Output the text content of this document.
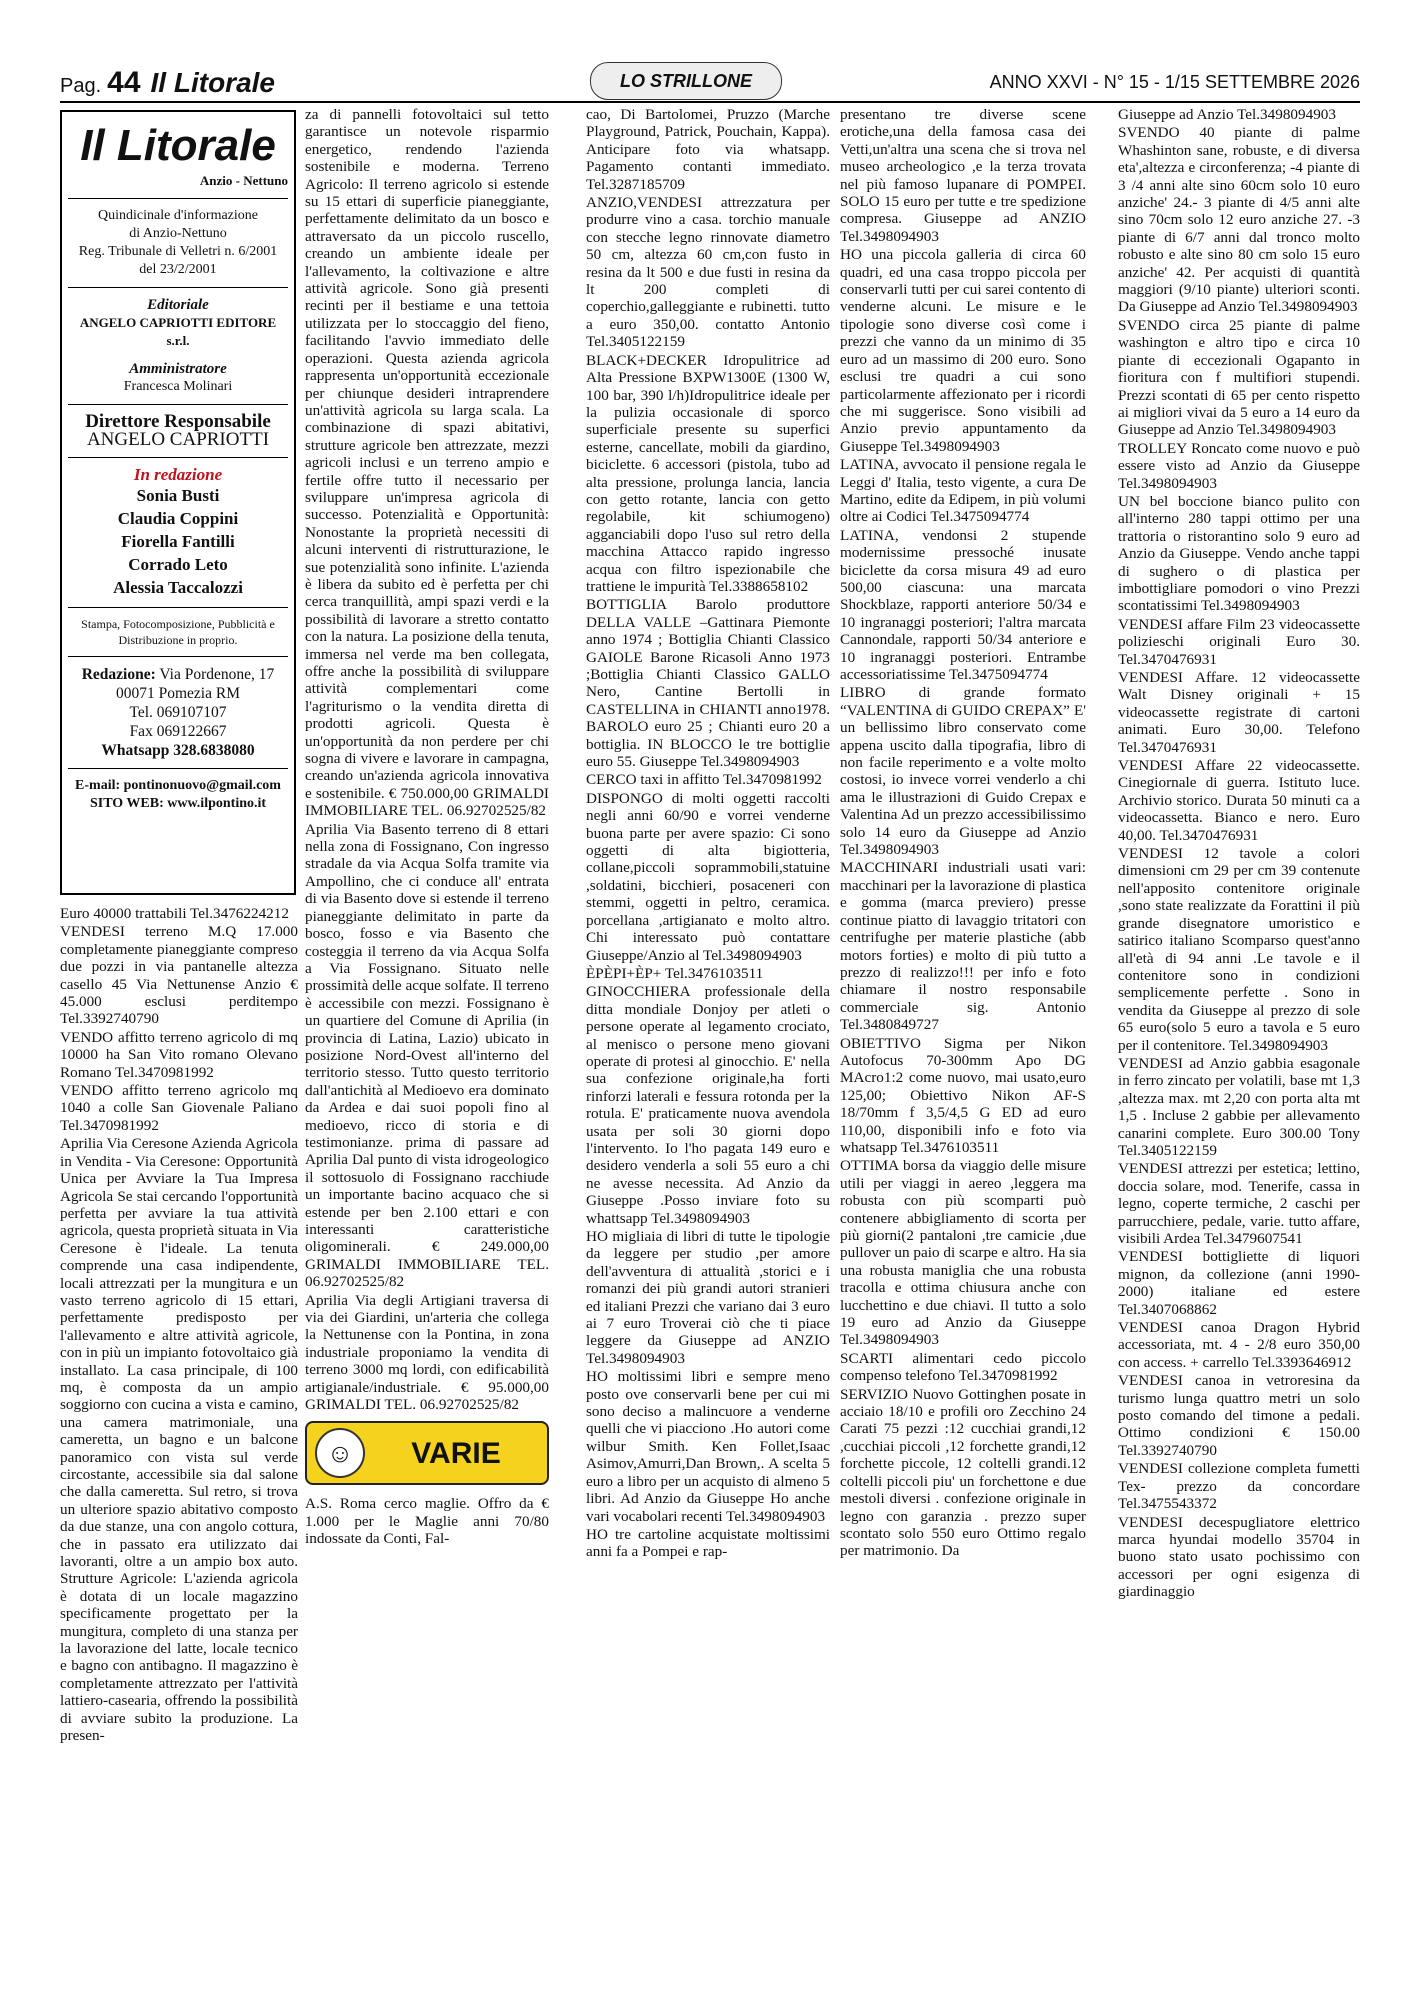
Pag. 44 Il Litorale	LO STRILLONE	ANNO XXVI - N° 15 - 1/15 SETTEMBRE 2026
Il Litorale
Anzio - Nettuno
Quindicinale d'informazione
di Anzio-Nettuno
Reg. Tribunale di Velletri n. 6/2001
del 23/2/2001
Editoriale
ANGELO CAPRIOTTI EDITORE s.r.l.
Amministratore
Francesca Molinari
Direttore Responsabile
ANGELO CAPRIOTTI
In redazione
Sonia Busti
Claudia Coppini
Fiorella Fantilli
Corrado Leto
Alessia Taccalozzi
Stampa, Fotocomposizione, Pubblicità e Distribuzione in proprio.
Redazione: Via Pordenone, 17
00071 Pomezia RM
Tel. 069107107
Fax 069122667
Whatsapp 328.6838080
E-mail: pontinonuovo@gmail.com
SITO WEB: www.ilpontino.it

Euro 40000 trattabili Tel.3476224212

VENDESI terreno M.Q 17.000 completamente pianeggiante compreso due pozzi in via pantanelle altezza casello 45 Via Nettunense Anzio € 45.000 esclusi perditempo Tel.3392740790

VENDO affitto terreno agricolo di mq 10000 ha San Vito romano Olevano Romano Tel.3470981992

VENDO affitto terreno agricolo mq 1040 a colle San Giovenale Paliano Tel.3470981992

Aprilia Via Ceresone Azienda Agricola in Vendita - Via Ceresone: Opportunità Unica per Avviare la Tua Impresa Agricola Se stai cercando l'opportunità perfetta per avviare la tua attività agricola, questa proprietà situata in Via Ceresone è l'ideale. La tenuta comprende una casa indipendente, locali attrezzati per la mungitura e un vasto terreno agricolo di 15 ettari, perfettamente predisposto per l'allevamento e altre attività agricole, con in più un impianto fotovoltaico già installato. La casa principale, di 100 mq, è composta da un ampio soggiorno con cucina a vista e camino, una camera matrimoniale, una cameretta, un bagno e un balcone panoramico con vista sul verde circostante, accessibile sia dal salone che dalla cameretta. Sul retro, si trova un ulteriore spazio abitativo composto da due stanze, una con angolo cottura, che in passato era utilizzato dai lavoranti, oltre a un ampio box auto. Strutture Agricole: L'azienda agricola è dotata di un locale magazzino specificamente progettato per la mungitura, completo di una stanza per la lavorazione del latte, locale tecnico e bagno con antibagno. Il magazzino è completamente attrezzato per l'attività lattiero-casearia, offrendo la possibilità di avviare subito la produzione. La presen-

za di pannelli fotovoltaici sul tetto garantisce un notevole risparmio energetico, rendendo l'azienda sostenibile e moderna. Terreno Agricolo: Il terreno agricolo si estende su 15 ettari di superficie pianeggiante, perfettamente delimitato da un bosco e attraversato da un piccolo ruscello, creando un ambiente ideale per l'allevamento, la coltivazione e altre attività agricole. Sono già presenti recinti per il bestiame e una tettoia utilizzata per lo stoccaggio del fieno, facilitando l'avvio immediato delle operazioni. Questa azienda agricola rappresenta un'opportunità eccezionale per chiunque desideri intraprendere un'attività agricola su larga scala. La combinazione di spazi abitativi, strutture agricole ben attrezzate, mezzi agricoli inclusi e un terreno ampio e fertile offre tutto il necessario per sviluppare un'impresa agricola di successo. Potenzialità e Opportunità: Nonostante la proprietà necessiti di alcuni interventi di ristrutturazione, le sue potenzialità sono infinite. L'azienda è libera da subito ed è perfetta per chi cerca tranquillità, ampi spazi verdi e la possibilità di lavorare a stretto contatto con la natura. La posizione della tenuta, immersa nel verde ma ben collegata, offre anche la possibilità di sviluppare attività complementari come l'agriturismo o la vendita diretta di prodotti agricoli. Questa è un'opportunità da non perdere per chi sogna di vivere e lavorare in campagna, creando un'azienda agricola innovativa e sostenibile. € 750.000,00 GRIMALDI IMMOBILIARE TEL. 06.92702525/82

Aprilia Via Basento terreno di 8 ettari nella zona di Fossignano, Con ingresso stradale da via Acqua Solfa tramite via Ampollino, che ci conduce all' entrata di via Basento dove si estende il terreno pianeggiante delimitato in parte da bosco, fosso e via Basento che costeggia il terreno da via Acqua Solfa a Via Fossignano. Situato nelle prossimità delle acque solfate. Il terreno è accessibile con mezzi. Fossignano è un quartiere del Comune di Aprilia (in provincia di Latina, Lazio) ubicato in posizione Nord-Ovest all'interno del territorio stesso. Tutto questo territorio dall'antichità al Medioevo era dominato da Ardea e dai suoi popoli fino al medioevo, ricco di storia e di testimonianze. prima di passare ad Aprilia Dal punto di vista idrogeologico il sottosuolo di Fossignano racchiude un importante bacino acquaco che si estende per ben 2.100 ettari e con interessanti caratteristiche oligominerali. € 249.000,00 GRIMALDI IMMOBILIARE TEL. 06.92702525/82

Aprilia Via degli Artigiani traversa di via dei Giardini, un'arteria che collega la Nettunense con la Pontina, in zona industriale proponiamo la vendita di terreno 3000 mq lordi, con edificabilità artigianale/industriale. € 95.000,00 GRIMALDI TEL. 06.92702525/82

☺	VARIE

A.S. Roma cerco maglie. Offro da € 1.000 per le Maglie anni 70/80 indossate da Conti, Fal-

cao, Di Bartolomei, Pruzzo (Marche Playground, Patrick, Pouchain, Kappa). Anticipare foto via whatsapp. Pagamento contanti immediato. Tel.3287185709

ANZIO,VENDESI attrezzatura per produrre vino a casa. torchio manuale con stecche legno rinnovate diametro 50 cm, altezza 60 cm,con fusto in resina da lt 500 e due fusti in resina da lt 200 completi di coperchio,galleggiante e rubinetti. tutto a euro 350,00. contatto Antonio Tel.3405122159

BLACK+DECKER Idropulitrice ad Alta Pressione BXPW1300E (1300 W, 100 bar, 390 l/h)Idropulitrice ideale per la pulizia occasionale di sporco superficiale presente su superfici esterne, cancellate, mobili da giardino, biciclette. 6 accessori (pistola, tubo ad alta pressione, prolunga lancia, lancia con getto rotante, lancia con getto regolabile, kit schiumogeno) agganciabili dopo l'uso sul retro della macchina Attacco rapido ingresso acqua con filtro ispezionabile che trattiene le impurità Tel.3388658102

BOTTIGLIA Barolo produttore DELLA VALLE –Gattinara Piemonte anno 1974 ; Bottiglia Chianti Classico GAIOLE Barone Ricasoli Anno 1973 ;Bottiglia Chianti Classico GALLO Nero, Cantine Bertolli in CASTELLINA in CHIANTI anno1978. BAROLO euro 25 ; Chianti euro 20 a bottiglia. IN BLOCCO le tre bottiglie euro 55. Giuseppe Tel.3498094903

CERCO taxi in affitto Tel.3470981992

DISPONGO di molti oggetti raccolti negli anni 60/90 e vorrei venderne buona parte per avere spazio: Ci sono oggetti di alta bigiotteria, collane,piccoli soprammobili,statuine ,soldatini, bicchieri, posaceneri con stemmi, oggetti in peltro, ceramica. porcellana ,artigianato e molto altro. Chi interessato può contattare Giuseppe/Anzio al Tel.3498094903

ÈPÈPI+ÈP+ Tel.3476103511

GINOCCHIERA professionale della ditta mondiale Donjoy per atleti o persone operate al legamento crociato, al menisco o persone meno giovani operate di protesi al ginocchio. E' nella sua confezione originale,ha forti rinforzi laterali e fessura rotonda per la rotula. E' praticamente nuova avendola usata per soli 30 giorni dopo l'intervento. Io l'ho pagata 149 euro e desidero venderla a soli 55 euro a chi ne avesse necessita. Ad Anzio da Giuseppe .Posso inviare foto su whattsapp Tel.3498094903

HO migliaia di libri di tutte le tipologie da leggere per studio ,per amore dell'avventura di attualità ,storici e i romanzi dei più grandi autori stranieri ed italiani Prezzi che variano dai 3 euro ai 7 euro Troverai ciò che ti piace leggere da Giuseppe ad ANZIO Tel.3498094903

HO moltissimi libri e sempre meno posto ove conservarli bene per cui mi sono deciso a malincuore a venderne quelli che vi piacciono .Ho autori come wilbur Smith. Ken Follet,Isaac Asimov,Amurri,Dan Brown,. A scelta 5 euro a libro per un acquisto di almeno 5 libri. Ad Anzio da Giuseppe Ho anche vari vocabolari recenti Tel.3498094903

HO tre cartoline acquistate moltissimi anni fa a Pompei e rap-

presentano tre diverse scene erotiche,una della famosa casa dei Vetti,un'altra una scena che si trova nel museo archeologico ,e la terza trovata nel più famoso lupanare di POMPEI. SOLO 15 euro per tutte e tre spedizione compresa. Giuseppe ad ANZIO Tel.3498094903

HO una piccola galleria di circa 60 quadri, ed una casa troppo piccola per conservarli tutti per cui sarei contento di venderne alcuni. Le misure e le tipologie sono diverse così come i prezzi che vanno da un minimo di 35 euro ad un massimo di 200 euro. Sono esclusi tre quadri a cui sono particolarmente affezionato per i ricordi che mi suggerisce. Sono visibili ad Anzio previo appuntamento da Giuseppe Tel.3498094903

LATINA, avvocato il pensione regala le Leggi d' Italia, testo vigente, a cura De Martino, edite da Edipem, in più volumi oltre ai Codici Tel.3475094774

LATINA, vendonsi 2 stupende modernissime pressoché inusate biciclette da corsa misura 49 ad euro 500,00 ciascuna: una marcata Shockblaze, rapporti anteriore 50/34 e 10 ingranaggi posteriori; l'altra marcata Cannondale, rapporti 50/34 anteriore e 10 ingranaggi posteriori. Entrambe accessoriatissime Tel.3475094774

LIBRO di grande formato “VALENTINA di GUIDO CREPAX” E' un bellissimo libro conservato come appena uscito dalla tipografia, libro di non facile reperimento e a volte molto costosi, io invece vorrei venderlo a chi ama le illustrazioni di Guido Crepax e Valentina Ad un prezzo accessibilissimo solo 14 euro da Giuseppe ad Anzio Tel.3498094903

MACCHINARI industriali usati vari: macchinari per la lavorazione di plastica e gomma (marca previero) presse continue piatto di lavaggio tritatori con centrifughe per materie plastiche (abb motors forties) e molto di più tutto a prezzo di realizzo!!! per info e foto chiamare il nostro responsabile commerciale sig. Antonio Tel.3480849727

OBIETTIVO Sigma per Nikon Autofocus 70-300mm Apo DG MAcro1:2 come nuovo, mai usato,euro 125,00; Obiettivo Nikon AF-S 18/70mm f 3,5/4,5 G ED ad euro 110,00, disponibili info e foto via whatsapp Tel.3476103511

OTTIMA borsa da viaggio delle misure utili per viaggi in aereo ,leggera ma robusta con più scomparti può contenere abbigliamento di scorta per più giorni(2 pantaloni ,tre camicie ,due pullover un paio di scarpe e altro. Ha sia una robusta maniglia che una robusta tracolla e ottima chiusura anche con lucchettino e due chiavi. Il tutto a solo 19 euro ad Anzio da Giuseppe Tel.3498094903

SCARTI alimentari cedo piccolo compenso telefono Tel.3470981992

SERVIZIO Nuovo Gottinghen posate in acciaio 18/10 e profili oro Zecchino 24 Carati 75 pezzi :12 cucchiai grandi,12 ,cucchiai piccoli ,12 forchette grandi,12 forchette piccole, 12 coltelli grandi.12 coltelli piccoli piu' un forchettone e due mestoli diversi . confezione originale in legno con garanzia . prezzo super scontato solo 550 euro Ottimo regalo per matrimonio. Da

Giuseppe ad Anzio Tel.3498094903

SVENDO 40 piante di palme Whashinton sane, robuste, e di diversa eta',altezza e circonferenza; -4 piante di 3 /4 anni alte sino 60cm solo 10 euro anziche' 24.- 3 piante di 4/5 anni alte sino 70cm solo 12 euro anziche 27. -3 piante di 6/7 anni dal tronco molto robusto e alte sino 80 cm solo 15 euro anziche' 42. Per acquisti di quantità maggiori (9/10 piante) ulteriori sconti. Da Giuseppe ad Anzio Tel.3498094903

SVENDO circa 25 piante di palme washington e altro tipo e circa 10 piante di eccezionali Ogapanto in fioritura con f multifiori stupendi. Prezzi scontati di 65 per cento rispetto ai migliori vivai da 5 euro a 14 euro da Giuseppe ad Anzio Tel.3498094903

TROLLEY Roncato come nuovo e può essere visto ad Anzio da Giuseppe Tel.3498094903

UN bel boccione bianco pulito con all'interno 280 tappi ottimo per una trattoria o ristorantino solo 9 euro ad Anzio da Giuseppe. Vendo anche tappi di sughero o di plastica per imbottigliare pomodori o vino Prezzi scontatissimi Tel.3498094903

VENDESI affare Film 23 videocassette polizieschi originali Euro 30. Tel.3470476931

VENDESI Affare. 12 videocassette Walt Disney originali + 15 videocassette registrate di cartoni animati. Euro 30,00. Telefono Tel.3470476931

VENDESI Affare 22 videocassette. Cinegiornale di guerra. Istituto luce. Archivio storico. Durata 50 minuti ca a videocassetta. Bianco e nero. Euro 40,00. Tel.3470476931

VENDESI 12 tavole a colori dimensioni cm 29 per cm 39 contenute nell'apposito contenitore originale ,sono state realizzate da Forattini il più grande disegnatore umoristico e satirico italiano Scomparso quest'anno all'età di 94 anni .Le tavole e il contenitore sono in condizioni semplicemente perfette . Sono in vendita da Giuseppe al prezzo di sole 65 euro(solo 5 euro a tavola e 5 euro per il contenitore. Tel.3498094903

VENDESI ad Anzio gabbia esagonale in ferro zincato per volatili, base mt 1,3 ,altezza max. mt 2,20 con porta alta mt 1,5 . Incluse 2 gabbie per allevamento canarini complete. Euro 300.00 Tony Tel.3405122159

VENDESI attrezzi per estetica; lettino, doccia solare, mod. Tenerife, cassa in legno, coperte termiche, 2 caschi per parrucchiere, pedale, varie. tutto affare, visibili Ardea Tel.3479607541

VENDESI bottigliette di liquori mignon, da collezione (anni 1990-2000) italiane ed estere Tel.3407068862

VENDESI canoa Dragon Hybrid accessoriata, mt. 4 - 2/8 euro 350,00 con access. + carrello Tel.3393646912

VENDESI canoa in vetroresina da turismo lunga quattro metri un solo posto comando del timone a pedali. Ottimo condizioni € 150.00 Tel.3392740790

VENDESI collezione completa fumetti Tex- prezzo da concordare Tel.3475543372

VENDESI decespugliatore elettrico marca hyundai modello 35704 in buono stato usato pochissimo con accessori per ogni esigenza di giardinaggio
